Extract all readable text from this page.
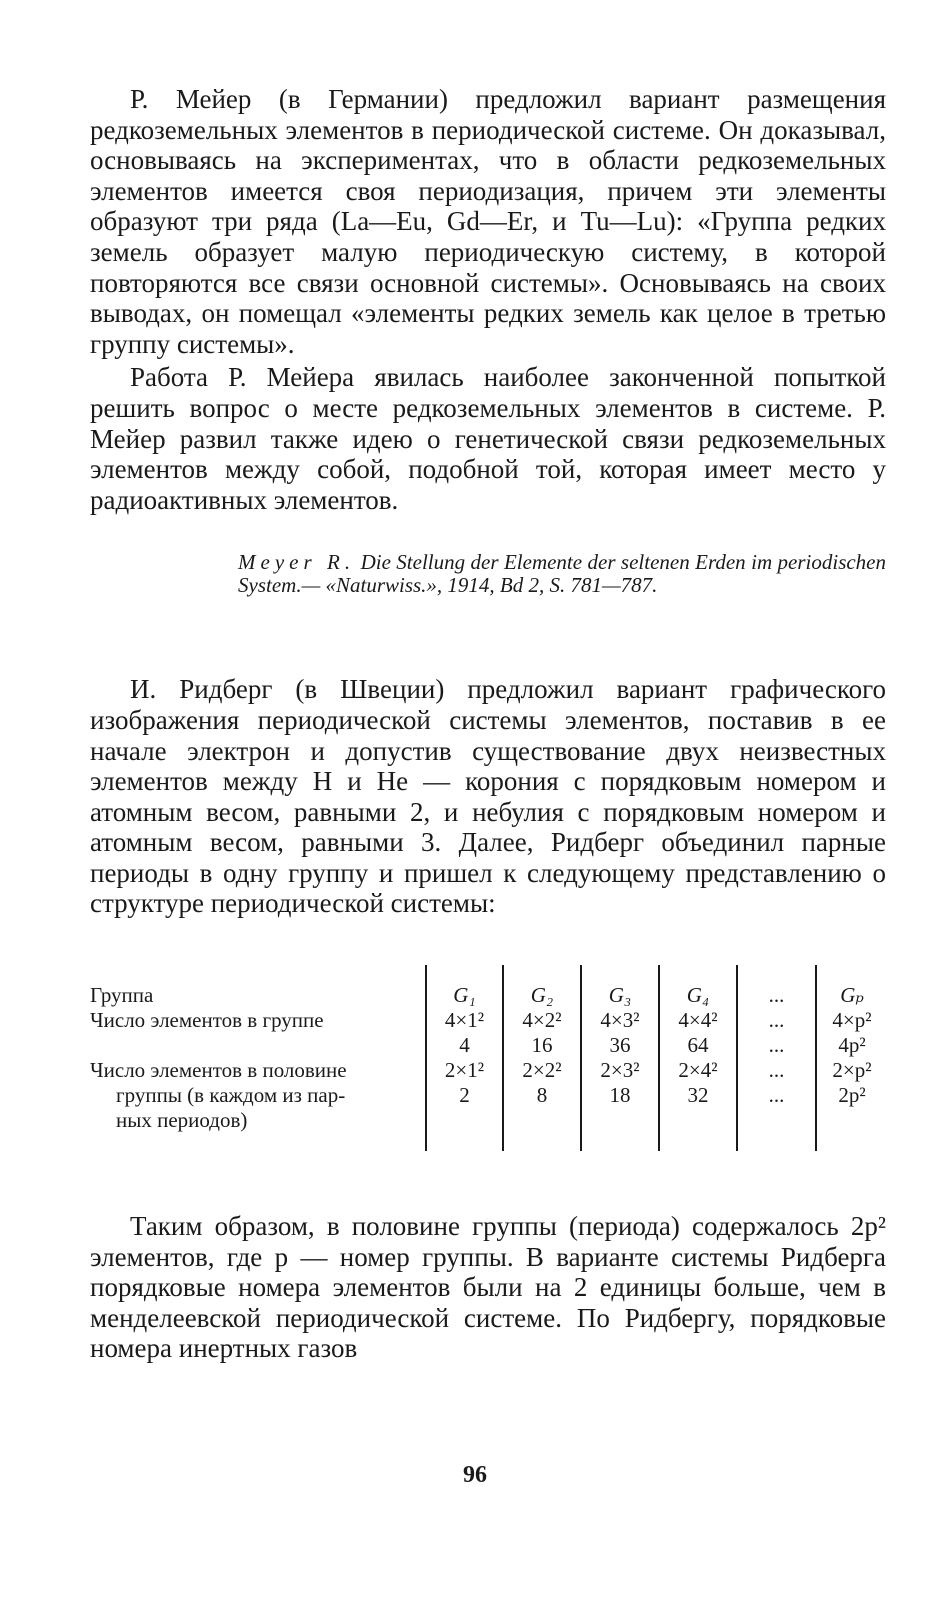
Р. Мейер (в Германии) предложил вариант размещения редкоземельных элементов в периодической системе. Он доказывал, основываясь на экспериментах, что в области редкоземельных элементов имеется своя периодизация, причем эти элементы образуют три ряда (La—Eu, Gd—Er, и Tu—Lu): «Группа редких земель образует малую периодическую систему, в которой повторяются все связи основной системы». Основываясь на своих выводах, он помещал «элементы редких земель как целое в третью группу системы».

Работа Р. Мейера явилась наиболее законченной попыткой решить вопрос о месте редкоземельных элементов в системе. Р. Мейер развил также идею о генетической связи редкоземельных элементов между собой, подобной той, которая имеет место у радиоактивных элементов.

Meyer R. Die Stellung der Elemente der seltenen Erden im periodischen System.— «Naturwiss.», 1914, Bd 2, S. 781—787.

И. Ридберг (в Швеции) предложил вариант графического изображения периодической системы элементов, поставив в ее начале электрон и допустив существование двух неизвестных элементов между H и He — корония с порядковым номером и атомным весом, равными 2, и небулия с порядковым номером и атомным весом, равными 3. Далее, Ридберг объединил парные периоды в одну группу и пришел к следующему представлению о структуре периодической системы:

Группа
Число элементов в группе
Число элементов в половине
группы (в каждом из пар-
ных периодов)
G₁
4×1²
4
2×1²
2
G₂
4×2²
16
2×2²
8
G₃
4×3²
36
2×3²
18
G₄
4×4²
64
2×4²
32
...
...
...
...
...
Gₚ
4×p²
4p²
2×p²
2p²

Таким образом, в половине группы (периода) содержалось 2p² элементов, где p — номер группы. В варианте системы Ридберга порядковые номера элементов были на 2 единицы больше, чем в менделеевской периодической системе. По Ридбергу, порядковые номера инертных газов

96
